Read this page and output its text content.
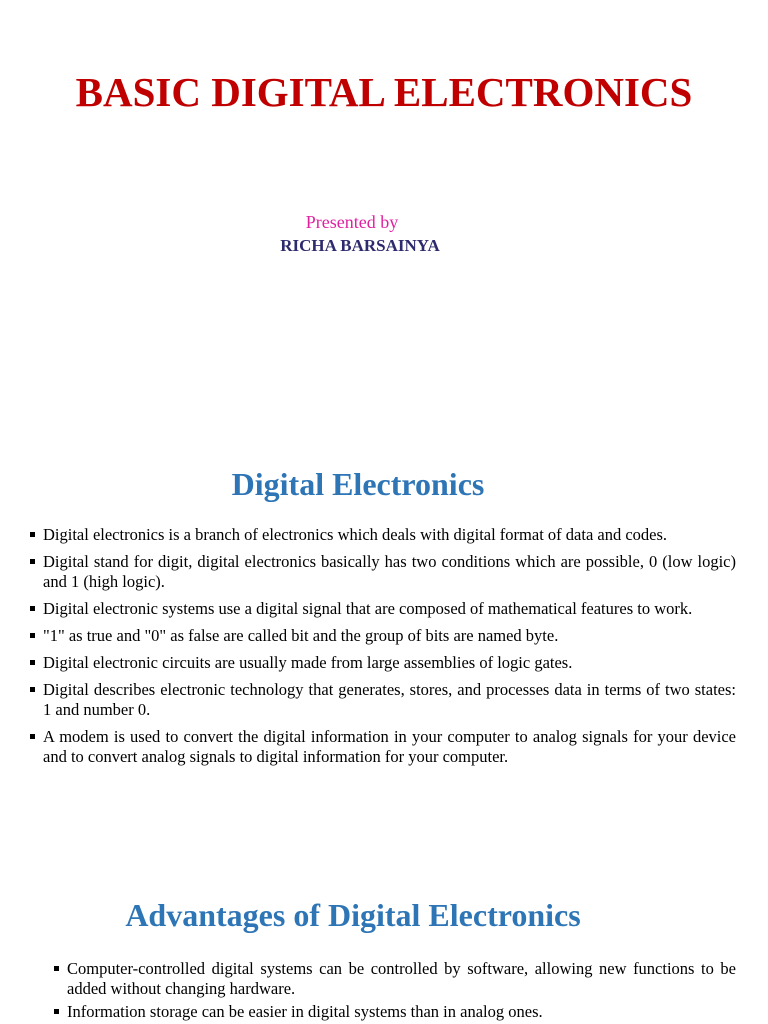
BASIC DIGITAL ELECTRONICS
Presented by
RICHA BARSAINYA
Digital Electronics
Digital electronics is a branch of electronics which deals with digital format of data and codes.
Digital stand for digit, digital electronics basically has two conditions which are possible, 0 (low logic) and 1 (high logic).
Digital electronic systems use a digital signal that are composed of mathematical features to work.
"1" as true and "0" as false are called bit and the group of bits are named byte.
Digital electronic circuits are usually made from large assemblies of logic gates.
Digital describes electronic technology that generates, stores, and processes data in terms of two states: 1 and number 0.
A modem is used to convert the digital information in your computer to analog signals for your device and to convert analog signals to digital information for your computer.
Advantages of Digital Electronics
Computer-controlled digital systems can be controlled by software, allowing new functions to be added without changing hardware.
Information storage can be easier in digital systems than in analog ones.
